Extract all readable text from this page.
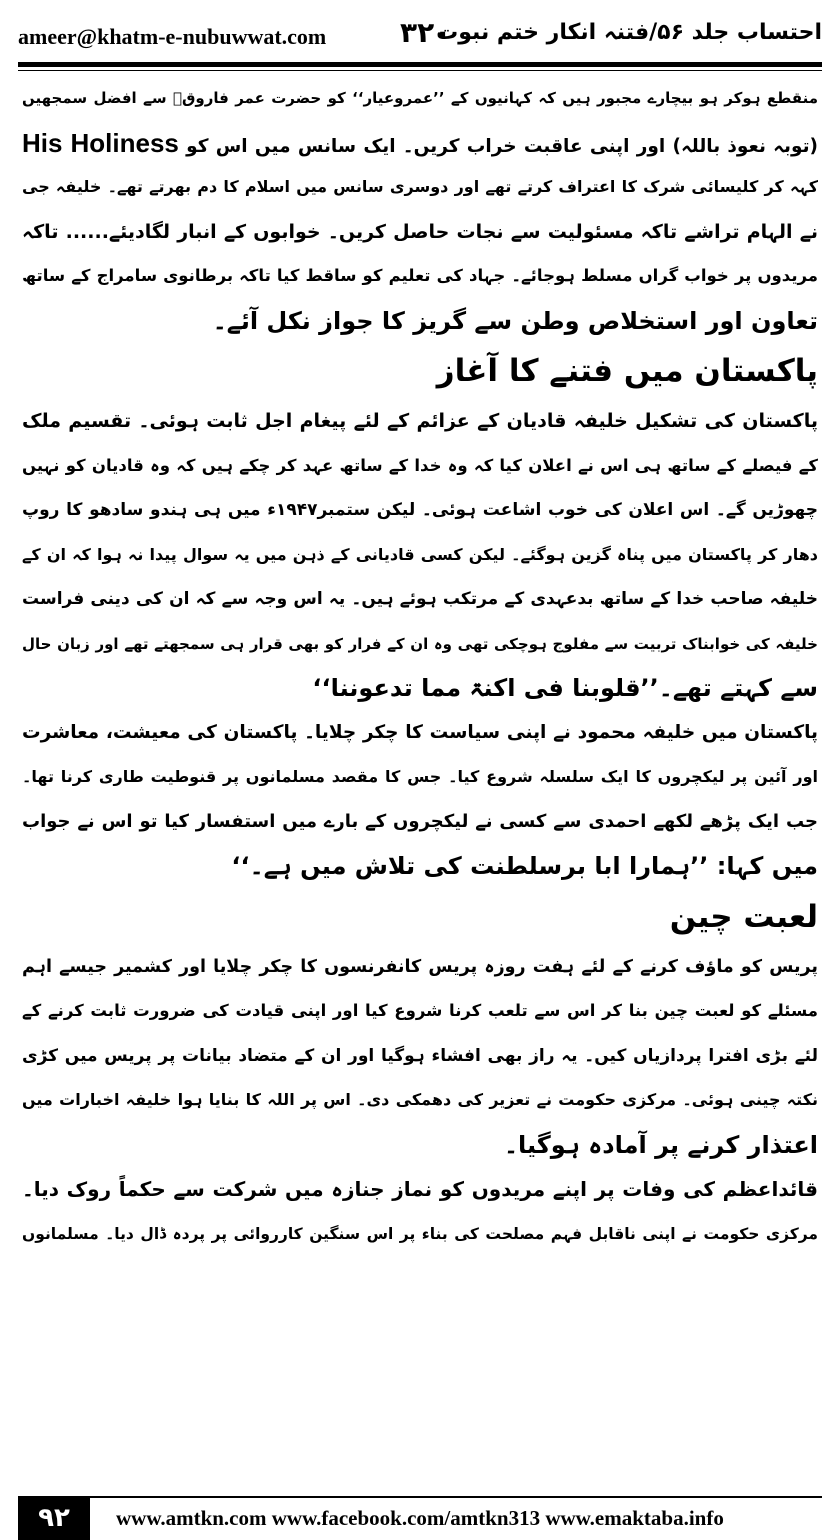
ameer@khatm-e-nubuwwat.com	۳۲۰
احتساب جلد ۵۶/فتنہ انکار ختم نبوت
منقطع ہوکر ہو بیچارے مجبور ہیں کہ کہانیوں کے ’’عمروعیار‘‘ کو حضرت عمر فاروقؓ سے افضل سمجھیں
(توبہ نعوذ باللہ) اور اپنی عاقبت خراب کریں۔ ایک سانس میں اس کو His Holiness
کہہ کر کلیسائی شرک کا اعتراف کرتے تھے اور دوسری سانس میں اسلام کا دم بھرتے تھے۔ خلیفہ جی
نے الہام تراشے تاکہ مسئولیت سے نجات حاصل کریں۔ خوابوں کے انبار لگادیئے...... تاکہ
مریدوں پر خواب گراں مسلط ہوجائے۔ جہاد کی تعلیم کو ساقط کیا تاکہ برطانوی سامراج کے ساتھ
تعاون اور استخلاص وطن سے گریز کا جواز نکل آئے۔
پاکستان میں فتنے کا آغاز
پاکستان کی تشکیل خلیفہ قادیان کے عزائم کے لئے پیغام اجل ثابت ہوئی۔ تقسیم ملک
کے فیصلے کے ساتھ ہی اس نے اعلان کیا کہ وہ خدا کے ساتھ عہد کر چکے ہیں کہ وہ قادیان کو نہیں
چھوڑیں گے۔ اس اعلان کی خوب اشاعت ہوئی۔ لیکن ستمبر۱۹۴۷ء میں ہی ہندو سادھو کا روپ
دھار کر پاکستان میں پناہ گزین ہوگئے۔ لیکن کسی قادیانی کے ذہن میں یہ سوال پیدا نہ ہوا کہ ان کے
خلیفہ صاحب خدا کے ساتھ بدعہدی کے مرتکب ہوئے ہیں۔ یہ اس وجہ سے کہ ان کی دینی فراست
خلیفہ کی خوابناک تربیت سے مفلوج ہوچکی تھی وہ ان کے فرار کو بھی قرار ہی سمجھتے تھے اور زبان حال
سے کہتے تھے۔’’قلوبنا فی اکنۃ مما تدعوننا‘‘
پاکستان میں خلیفہ محمود نے اپنی سیاست کا چکر چلایا۔ پاکستان کی معیشت، معاشرت
اور آئین پر لیکچروں کا ایک سلسلہ شروع کیا۔ جس کا مقصد مسلمانوں پر قنوطیت طاری کرنا تھا۔
جب ایک پڑھے لکھے احمدی سے کسی نے لیکچروں کے بارے میں استفسار کیا تو اس نے جواب
میں کہا: ’’ہمارا ابا برسلطنت کی تلاش میں ہے۔‘‘
لعبت چین
پریس کو ماؤف کرنے کے لئے ہفت روزہ پریس کانفرنسوں کا چکر چلایا اور کشمیر جیسے اہم
مسئلے کو لعبت چین بنا کر اس سے تلعب کرنا شروع کیا اور اپنی قیادت کی ضرورت ثابت کرنے کے
لئے بڑی افترا پردازیاں کیں۔ یہ راز بھی افشاء ہوگیا اور ان کے متضاد بیانات پر پریس میں کڑی
نکتہ چینی ہوئی۔ مرکزی حکومت نے تعزیر کی دھمکی دی۔ اس پر اللہ کا بنایا ہوا خلیفہ اخبارات میں
اعتذار کرنے پر آمادہ ہوگیا۔
قائداعظم کی وفات پر اپنے مریدوں کو نماز جنازہ میں شرکت سے حکماً روک دیا۔
مرکزی حکومت نے اپنی ناقابل فہم مصلحت کی بناء پر اس سنگین کارروائی پر پردہ ڈال دیا۔ مسلمانوں
۹۲	www.amtkn.com www.facebook.com/amtkn313 www.emaktaba.info
